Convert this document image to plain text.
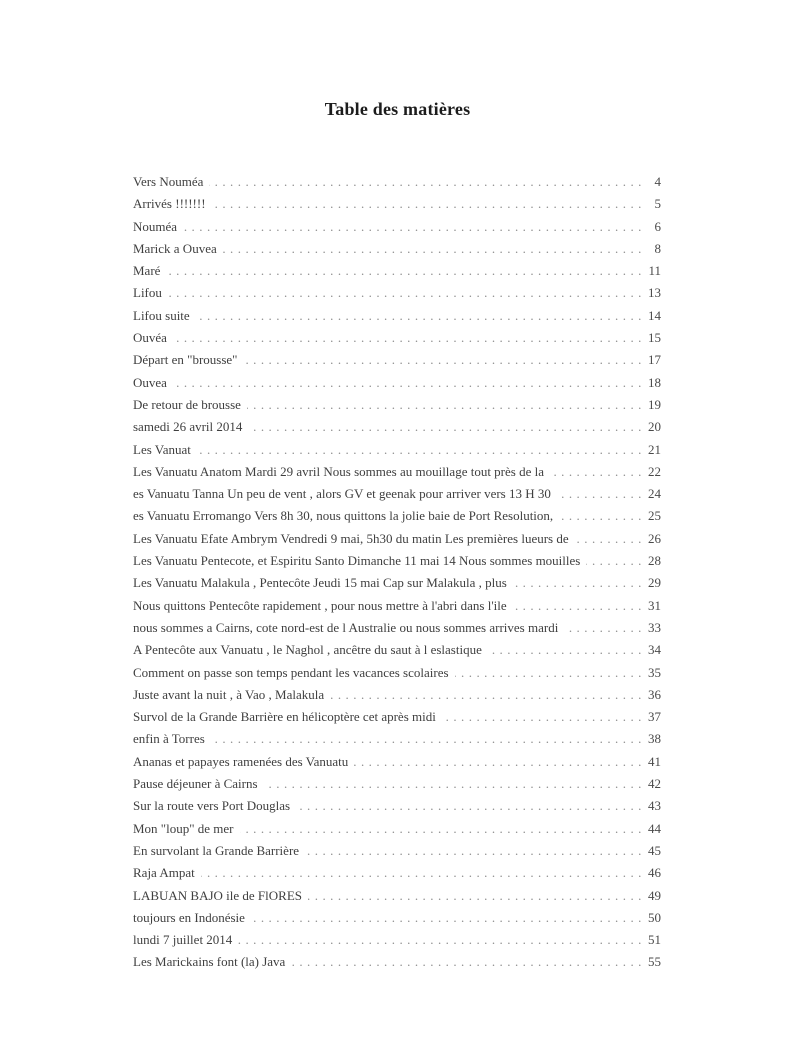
Table des matières
Vers Nouméa . . .	4
Arrivés !!!!!!! . . .	5
Nouméa . . .	6
Marick a Ouvea . . .	8
Maré . . .	11
Lifou . . .	13
Lifou suite . . .	14
Ouvéa . . .	15
Départ en "brousse" . . .	17
Ouvea . . .	18
De retour de brousse . . .	19
samedi 26 avril 2014 . . .	20
Les Vanuat . . .	21
Les Vanuatu Anatom Mardi 29 avril Nous sommes au mouillage tout près de la . . .	22
es Vanuatu Tanna Un peu de vent , alors GV et geenak pour arriver vers 13 H 30 . . .	24
es Vanuatu Erromango Vers 8h 30, nous quittons la jolie baie de Port Resolution, . . .	25
Les Vanuatu Efate Ambrym Vendredi 9 mai, 5h30 du matin Les premières lueurs de . . .	26
Les Vanuatu Pentecote, et Espiritu Santo Dimanche 11 mai 14 Nous sommes mouilles . . .	28
Les Vanuatu Malakula , Pentecôte Jeudi 15 mai Cap sur Malakula , plus . . .	29
Nous quittons Pentecôte rapidement , pour nous mettre à l'abri dans l'ile . . .	31
nous sommes a Cairns, cote nord-est de l Australie ou nous sommes arrives mardi . . .	33
A Pentecôte aux Vanuatu , le Naghol , ancêtre du saut à l eslastique . . .	34
Comment on passe son temps pendant les vacances scolaires . . .	35
Juste avant la nuit , à Vao , Malakula . . .	36
Survol de la Grande Barrière en hélicoptère cet après midi . . .	37
enfin à Torres . . .	38
Ananas et papayes ramenées des Vanuatu . . .	41
Pause déjeuner à Cairns . . .	42
Sur la route vers Port Douglas . . .	43
Mon "loup" de mer . . .	44
En survolant la Grande Barrière . . .	45
Raja Ampat . . .	46
LABUAN BAJO ile de FlORES . . .	49
toujours en Indonésie . . .	50
lundi 7 juillet 2014 . . .	51
Les Marickains font (la) Java . . .	55
